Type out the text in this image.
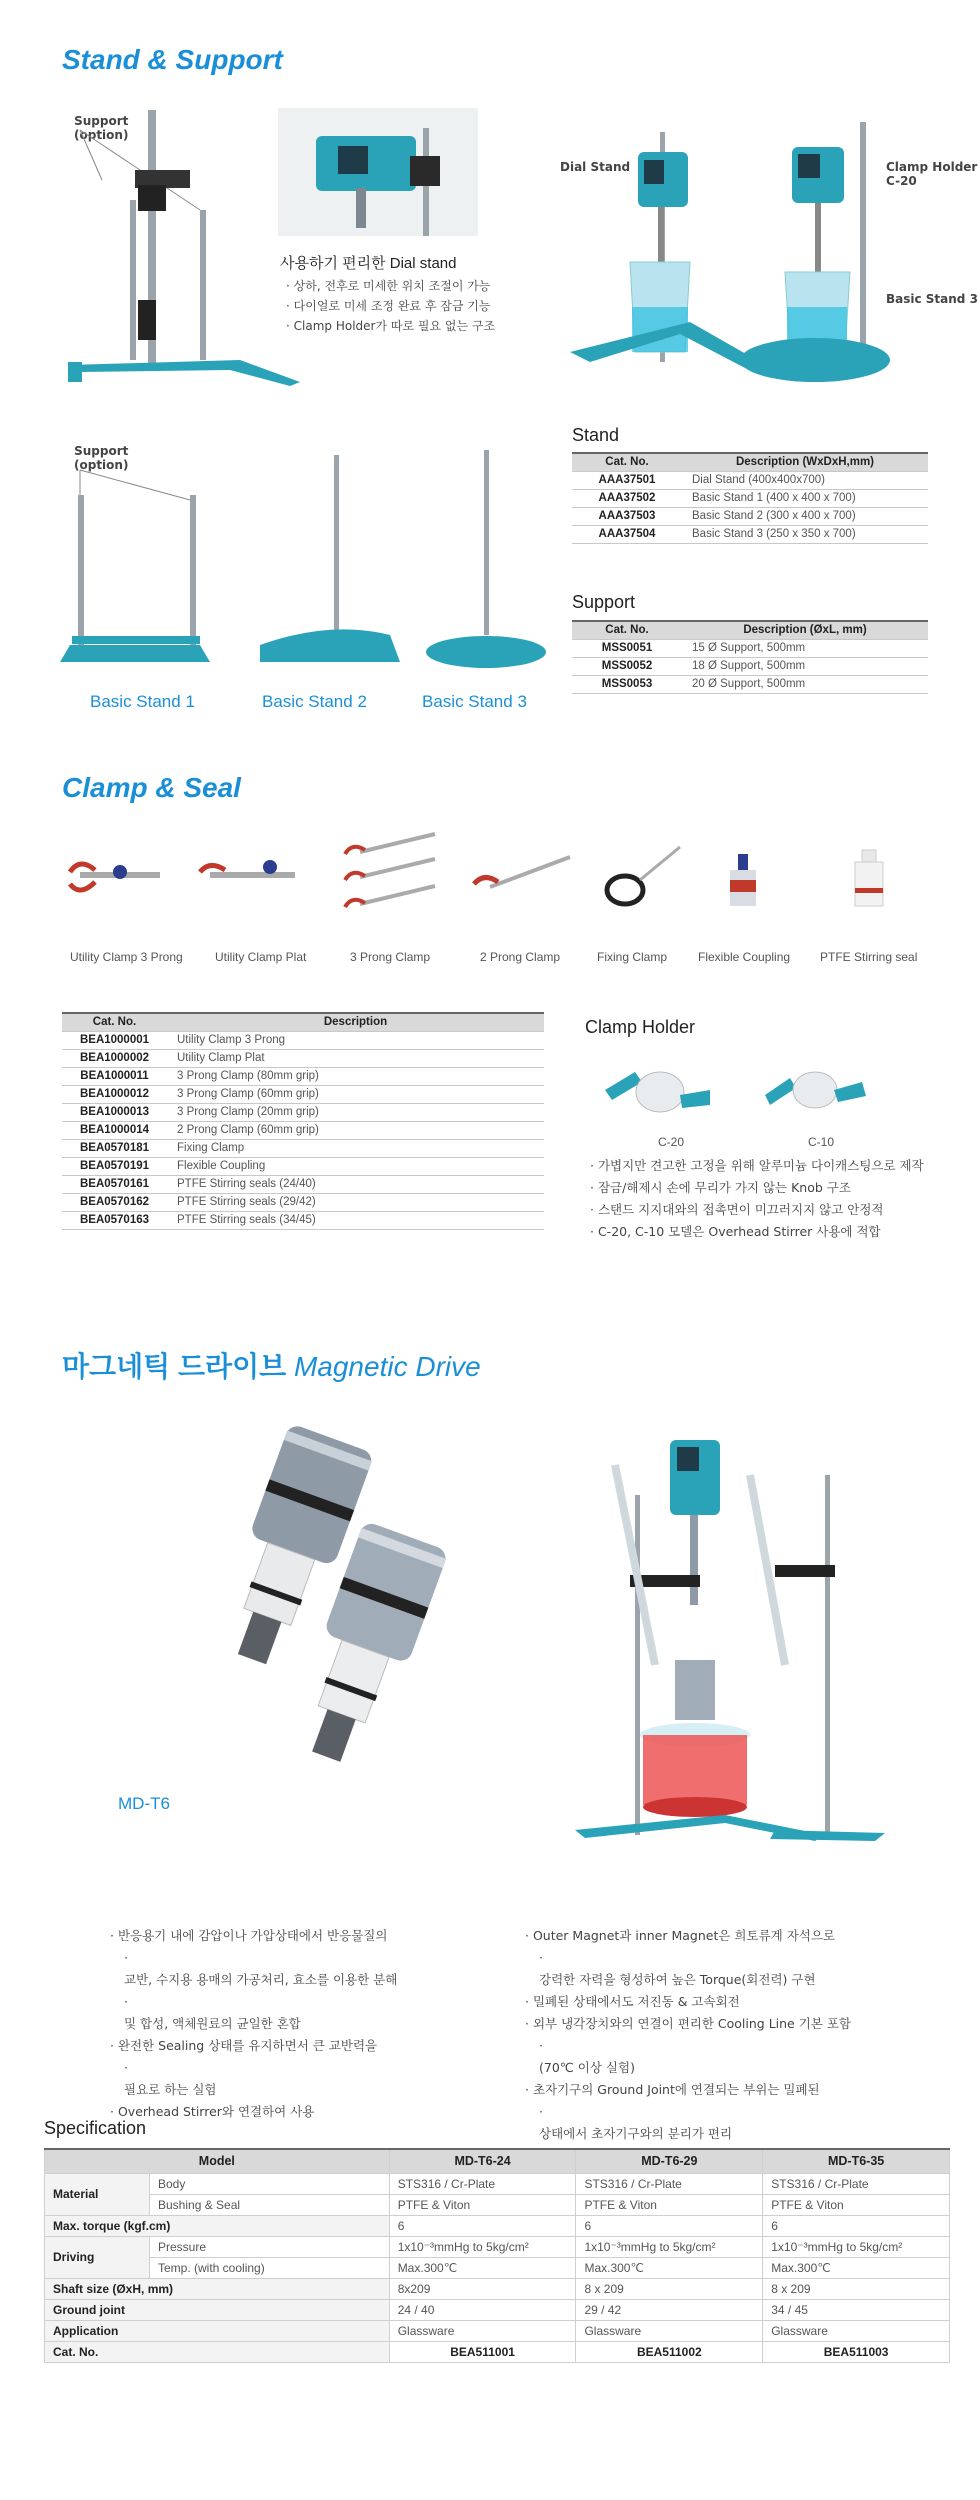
Stand & Support
Support
(option)
사용하기 편리한 Dial stand
· 상하, 전후로 미세한 위치 조절이 가능
· 다이얼로 미세 조정 완료 후 잠금 기능
· Clamp Holder가 따로 필요 없는 구조
Dial Stand	Clamp Holder
C-20
Basic Stand 3
Support
(option)
Basic Stand 1	Basic Stand 2	Basic Stand 3
Stand
Cat. No.	Description (WxDxH,mm)
AAA37501	Dial Stand (400x400x700)
AAA37502	Basic Stand 1 (400 x 400 x 700)
AAA37503	Basic Stand 2 (300 x 400 x 700)
AAA37504	Basic Stand 3 (250 x 350 x 700)
Support
Cat. No.	Description (ØxL, mm)
MSS0051	15 Ø Support, 500mm
MSS0052	18 Ø Support, 500mm
MSS0053	20 Ø Support, 500mm
Clamp & Seal
Utility Clamp 3 Prong	Utility Clamp Plat	3 Prong Clamp	2 Prong Clamp	Fixing Clamp	Flexible Coupling PTFE Stirring seal
Cat. No.	Description
BEA1000001	Utility Clamp 3 Prong
BEA1000002	Utility Clamp Plat
BEA1000011	3 Prong Clamp (80mm grip)
BEA1000012	3 Prong Clamp (60mm grip)
BEA1000013	3 Prong Clamp (20mm grip)
BEA1000014	2 Prong Clamp (60mm grip)
BEA0570181	Fixing Clamp
BEA0570191	Flexible Coupling
BEA0570161	PTFE Stirring seals (24/40)
BEA0570162	PTFE Stirring seals (29/42)
BEA0570163	PTFE Stirring seals (34/45)
Clamp Holder
C-20	C-10
· 가볍지만 견고한 고정을 위해 알루미늄 다이캐스팅으로 제작
· 잠금/해제시 손에 무리가 가지 않는 Knob 구조
· 스탠드 지지대와의 접촉면이 미끄러지지 않고 안정적
· C-20, C-10 모델은 Overhead Stirrer 사용에 적합
마그네틱 드라이브 Magnetic Drive
MD-T6
· 반응용기 내에 감압이나 가압상태에서 반응물질의
· 교반, 수지용 용매의 가공처리, 효소를 이용한 분해
· 및 합성, 액체원료의 균일한 혼합
· 완전한 Sealing 상태를 유지하면서 큰 교반력을
· 필요로 하는 실험
· Overhead Stirrer와 연결하여 사용
· Outer Magnet과 inner Magnet은 희토류계 자석으로
· 강력한 자력을 형성하여 높은 Torque(회전력) 구현
· 밀폐된 상태에서도 저진동 & 고속회전
· 외부 냉각장치와의 연결이 편리한 Cooling Line 기본 포함
· (70℃ 이상 실험)
· 초자기구의 Ground Joint에 연결되는 부위는 밀폐된
· 상태에서 초자기구와의 분리가 편리
Specification
Model		MD-T6-24	MD-T6-29	MD-T6-35
Material	Body	STS316 / Cr-Plate	STS316 / Cr-Plate	STS316 / Cr-Plate
	Bushing & Seal	PTFE & Viton	PTFE & Viton	PTFE & Viton
Max. torque (kgf.cm)		6	6	6
Driving	Pressure	1x10⁻³mmHg to 5kg/cm²	1x10⁻³mmHg to 5kg/cm²	1x10⁻³mmHg to 5kg/cm²
	Temp. (with cooling)	Max.300℃	Max.300℃	Max.300℃
Shaft size (ØxH, mm)		8x209	8 x 209	8 x 209
Ground joint		24 / 40	29 / 42	34 / 45
Application		Glassware	Glassware	Glassware
Cat. No.		BEA511001	BEA511002	BEA511003
